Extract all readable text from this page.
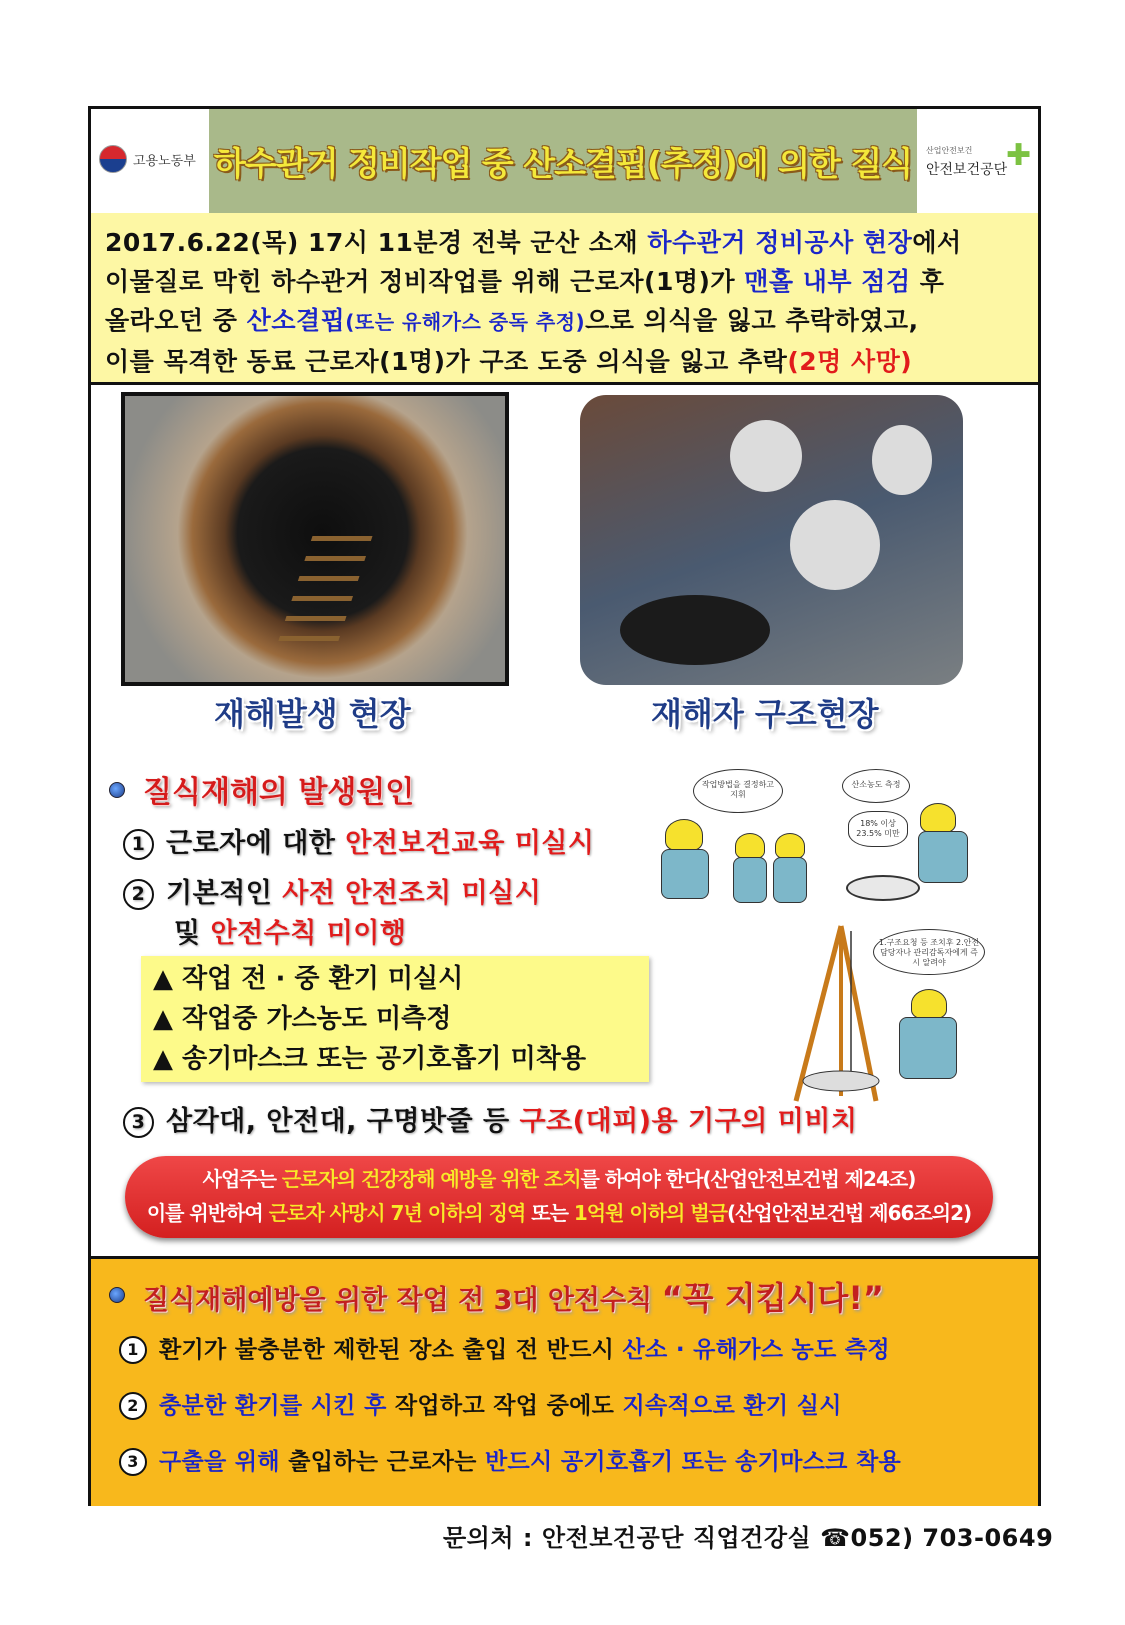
고용노동부 하수관거 정비작업 중 산소결핍(추정)에 의한 질식 산업안전보건
안전보건공단
✚

2017.6.22(목) 17시 11분경 전북 군산 소재 하수관거 정비공사 현장에서

이물질로 막힌 하수관거 정비작업를 위해 근로자(1명)가 맨홀 내부 점검 후

올라오던 중 산소결핍(또는 유해가스 중독 추정)으로 의식을 잃고 추락하였고,

이를 목격한 동료 근로자(1명)가 구조 도중 의식을 잃고 추락(2명 사망)

재해발생 현장	재해자 구조현장
질식재해의 발생원인
1 근로자에 대한 안전보건교육 미실시
2 기본적인 사전 안전조치 미실시
및 안전수칙 미이행
▲ 작업 전 · 중 환기 미실시
▲ 작업중 가스농도 미측정
▲ 송기마스크 또는 공기호흡기 미착용
3 삼각대, 안전대, 구명밧줄 등 구조(대피)용 기구의 미비치
작업방법을 결정하고 지휘
산소농도 측정
18% 이상 23.5% 미만
1.구조요청 등 조치후 2.안전담당자나 관리감독자에게 즉시 알려야
사업주는 근로자의 건강장해 예방을 위한 조치를 하여야 한다(산업안전보건법 제24조)
이를 위반하여 근로자 사망시 7년 이하의 징역 또는 1억원 이하의 벌금(산업안전보건법 제66조의2)
질식재해예방을 위한 작업 전 3대 안전수칙 “꼭 지킵시다!”
1 환기가 불충분한 제한된 장소 출입 전 반드시 산소 · 유해가스 농도 측정
2 충분한 환기를 시킨 후 작업하고 작업 중에도 지속적으로 환기 실시
3 구출을 위해 출입하는 근로자는 반드시 공기호흡기 또는 송기마스크 착용
문의처 : 안전보건공단 직업건강실 ☎052) 703-0649
